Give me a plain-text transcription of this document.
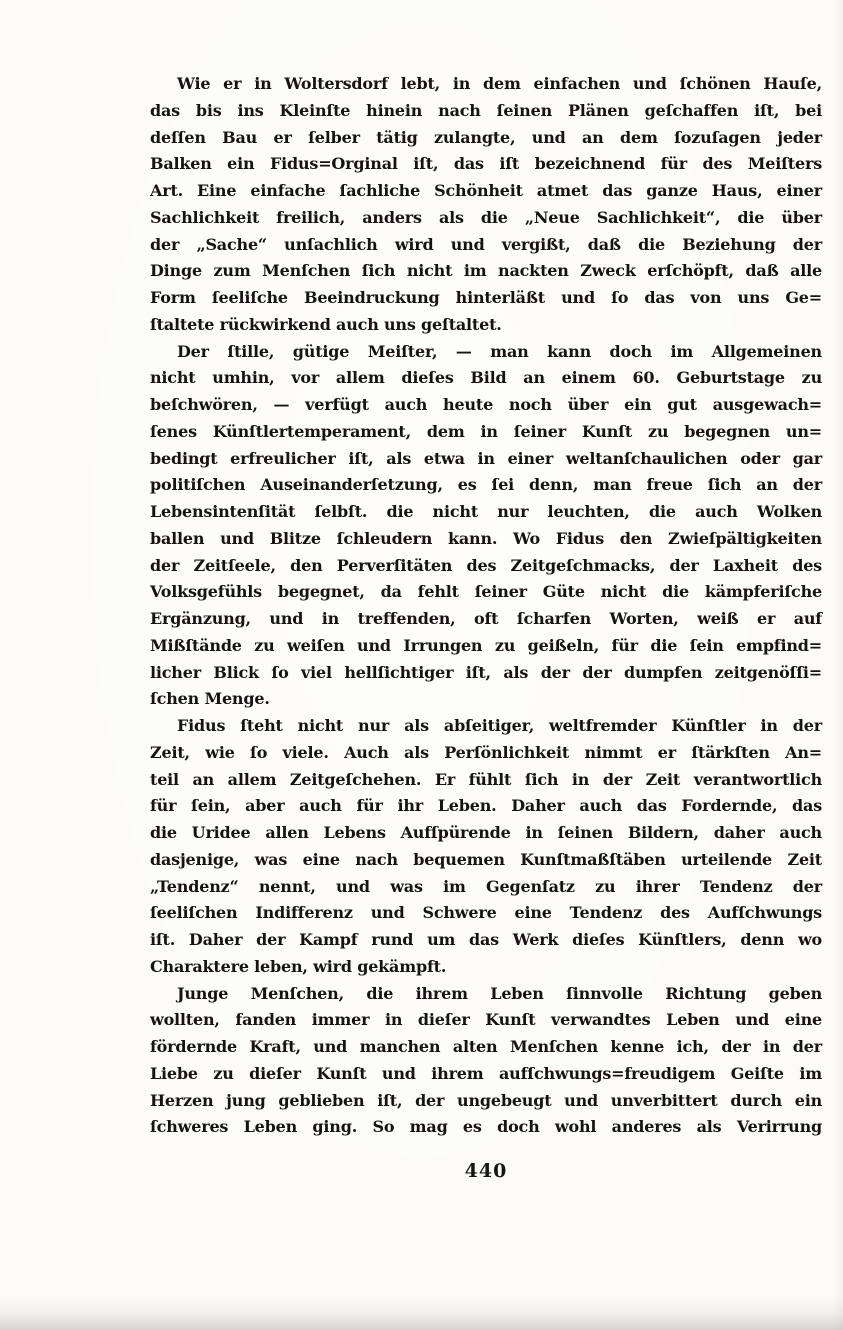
Wie er in Woltersdorf lebt, in dem einfachen und ſchönen Hauſe,
das bis ins Kleinſte hinein nach ſeinen Plänen geſchaffen iſt, bei
deſſen Bau er ſelber tätig zulangte, und an dem ſozuſagen jeder
Balken ein Fidus=Orginal iſt, das iſt bezeichnend für des Meiſters
Art. Eine einfache ſachliche Schönheit atmet das ganze Haus, einer
Sachlichkeit freilich, anders als die „Neue Sachlichkeit“, die über
der „Sache“ unſachlich wird und vergißt, daß die Beziehung der
Dinge zum Menſchen ſich nicht im nackten Zweck erſchöpft, daß alle
Form ſeeliſche Beeindruckung hinterläßt und ſo das von uns Ge=
ſtaltete rückwirkend auch uns geſtaltet.
Der ſtille, gütige Meiſter, — man kann doch im Allgemeinen
nicht umhin, vor allem dieſes Bild an einem 60. Geburtstage zu
beſchwören, — verfügt auch heute noch über ein gut ausgewach=
ſenes Künſtlertemperament, dem in ſeiner Kunſt zu begegnen un=
bedingt erfreulicher iſt, als etwa in einer weltanſchaulichen oder gar
politiſchen Auseinanderſetzung, es ſei denn, man freue ſich an der
Lebensintenſität ſelbſt. die nicht nur leuchten, die auch Wolken
ballen und Blitze ſchleudern kann. Wo Fidus den Zwieſpältigkeiten
der Zeitſeele, den Perverſitäten des Zeitgeſchmacks, der Laxheit des
Volksgefühls begegnet, da fehlt ſeiner Güte nicht die kämpferiſche
Ergänzung, und in treffenden, oft ſcharfen Worten, weiß er auf
Mißſtände zu weiſen und Irrungen zu geißeln, für die ſein empfind=
licher Blick ſo viel hellſichtiger iſt, als der der dumpfen zeitgenöſſi=
ſchen Menge.
Fidus ſteht nicht nur als abſeitiger, weltfremder Künſtler in der
Zeit, wie ſo viele. Auch als Perſönlichkeit nimmt er ſtärkſten An=
teil an allem Zeitgeſchehen. Er fühlt ſich in der Zeit verantwortlich
für ſein, aber auch für ihr Leben. Daher auch das Fordernde, das
die Uridee allen Lebens Aufſpürende in ſeinen Bildern, daher auch
dasjenige, was eine nach bequemen Kunſtmaßſtäben urteilende Zeit
„Tendenz“ nennt, und was im Gegenſatz zu ihrer Tendenz der
ſeeliſchen Indifferenz und Schwere eine Tendenz des Aufſchwungs
iſt. Daher der Kampf rund um das Werk dieſes Künſtlers, denn wo
Charaktere leben, wird gekämpft.
Junge Menſchen, die ihrem Leben ſinnvolle Richtung geben
wollten, fanden immer in dieſer Kunſt verwandtes Leben und eine
fördernde Kraft, und manchen alten Menſchen kenne ich, der in der
Liebe zu dieſer Kunſt und ihrem aufſchwungs=freudigem Geiſte im
Herzen jung geblieben iſt, der ungebeugt und unverbittert durch ein
ſchweres Leben ging. So mag es doch wohl anderes als Verirrung
440
